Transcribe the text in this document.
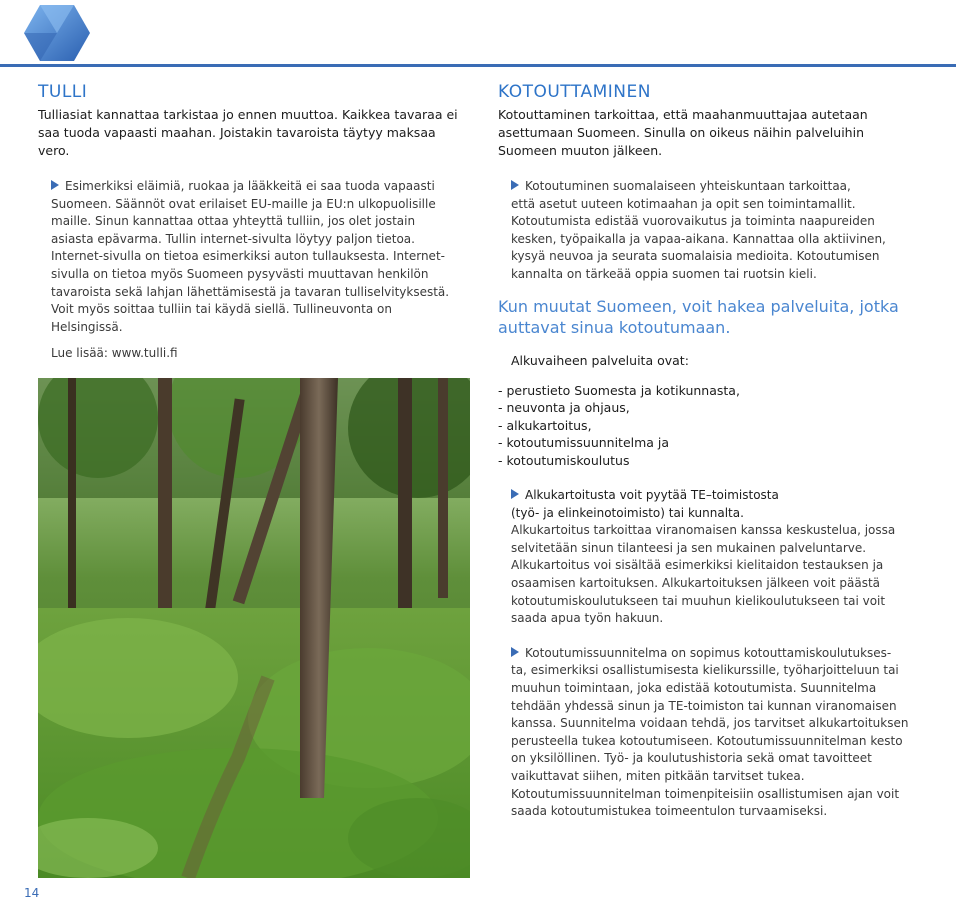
TULLI

Tulliasiat kannattaa tarkistaa jo ennen muuttoa. Kaikkea tavaraa ei saa tuoda vapaasti maahan. Joistakin tavaroista täytyy maksaa vero.

Esimerkiksi eläimiä, ruokaa ja lääkkeitä ei saa tuoda vapaasti
Suomeen. Säännöt ovat erilaiset EU-maille ja EU:n ulkopuolisille maille. Sinun kannattaa ottaa yhteyttä tulliin, jos olet jostain asiasta epävarma. Tullin internet-sivulta löytyy paljon tietoa. Internet-sivulla on tietoa esimerkiksi auton tullauksesta. Internet-sivulla on tietoa myös Suomeen pysyvästi muuttavan henkilön tavaroista sekä lahjan lähettämisestä ja tavaran tulliselvityksestä. Voit myös soittaa tulliin tai käydä siellä. Tullineuvonta on Helsingissä.
Lue lisää: www.tulli.fi
KOTOUTTAMINEN

Kotouttaminen tarkoittaa, että maahanmuuttajaa autetaan asettumaan Suomeen. Sinulla on oikeus näihin palveluihin Suomeen muuton jälkeen.

Kotoutuminen suomalaiseen yhteiskuntaan tarkoittaa,
että asetut uuteen kotimaahan ja opit sen toimintamallit. Kotoutumista edistää vuorovaikutus ja toiminta naapureiden kesken, työpaikalla ja vapaa-aikana. Kannattaa olla aktiivinen, kysyä neuvoa ja seurata suomalaisia medioita. Kotoutumisen kannalta on tärkeää oppia suomen tai ruotsin kieli.

Kun muutat Suomeen, voit hakea palveluita, jotka auttavat sinua kotoutumaan.

Alkuvaiheen palveluita ovat:

- perustieto Suomesta ja kotikunnasta,
- neuvonta ja ohjaus,
- alkukartoitus,
- kotoutumissuunnitelma ja
- kotoutumiskoulutus
Alkukartoitusta voit pyytää TE–toimistosta
(työ- ja elinkeinotoimisto) tai kunnalta.
Alkukartoitus tarkoittaa viranomaisen kanssa keskustelua, jossa selvitetään sinun tilanteesi ja sen mukainen palveluntarve. Alkukartoitus voi sisältää esimerkiksi kielitaidon testauksen ja osaamisen kartoituksen. Alkukartoituksen jälkeen voit päästä kotoutumiskoulutukseen tai muuhun kielikoulutukseen tai voit saada apua työn hakuun.
Kotoutumissuunnitelma on sopimus kotouttamiskoulutukses-
ta, esimerkiksi osallistumisesta kielikurssille, työharjoitteluun tai muuhun toimintaan, joka edistää kotoutumista. Suunnitelma tehdään yhdessä sinun ja TE-toimiston tai kunnan viranomaisen kanssa. Suunnitelma voidaan tehdä, jos tarvitset alkukartoituksen perusteella tukea kotoutumiseen. Kotoutumissuunnitelman kesto on yksilöllinen. Työ- ja koulutushistoria sekä omat tavoitteet vaikuttavat siihen, miten pitkään tarvitset tukea. Kotoutumissuunnitelman toimenpiteisiin osallistumisen ajan voit saada kotoutumistukea toimeentulon turvaamiseksi.
14
